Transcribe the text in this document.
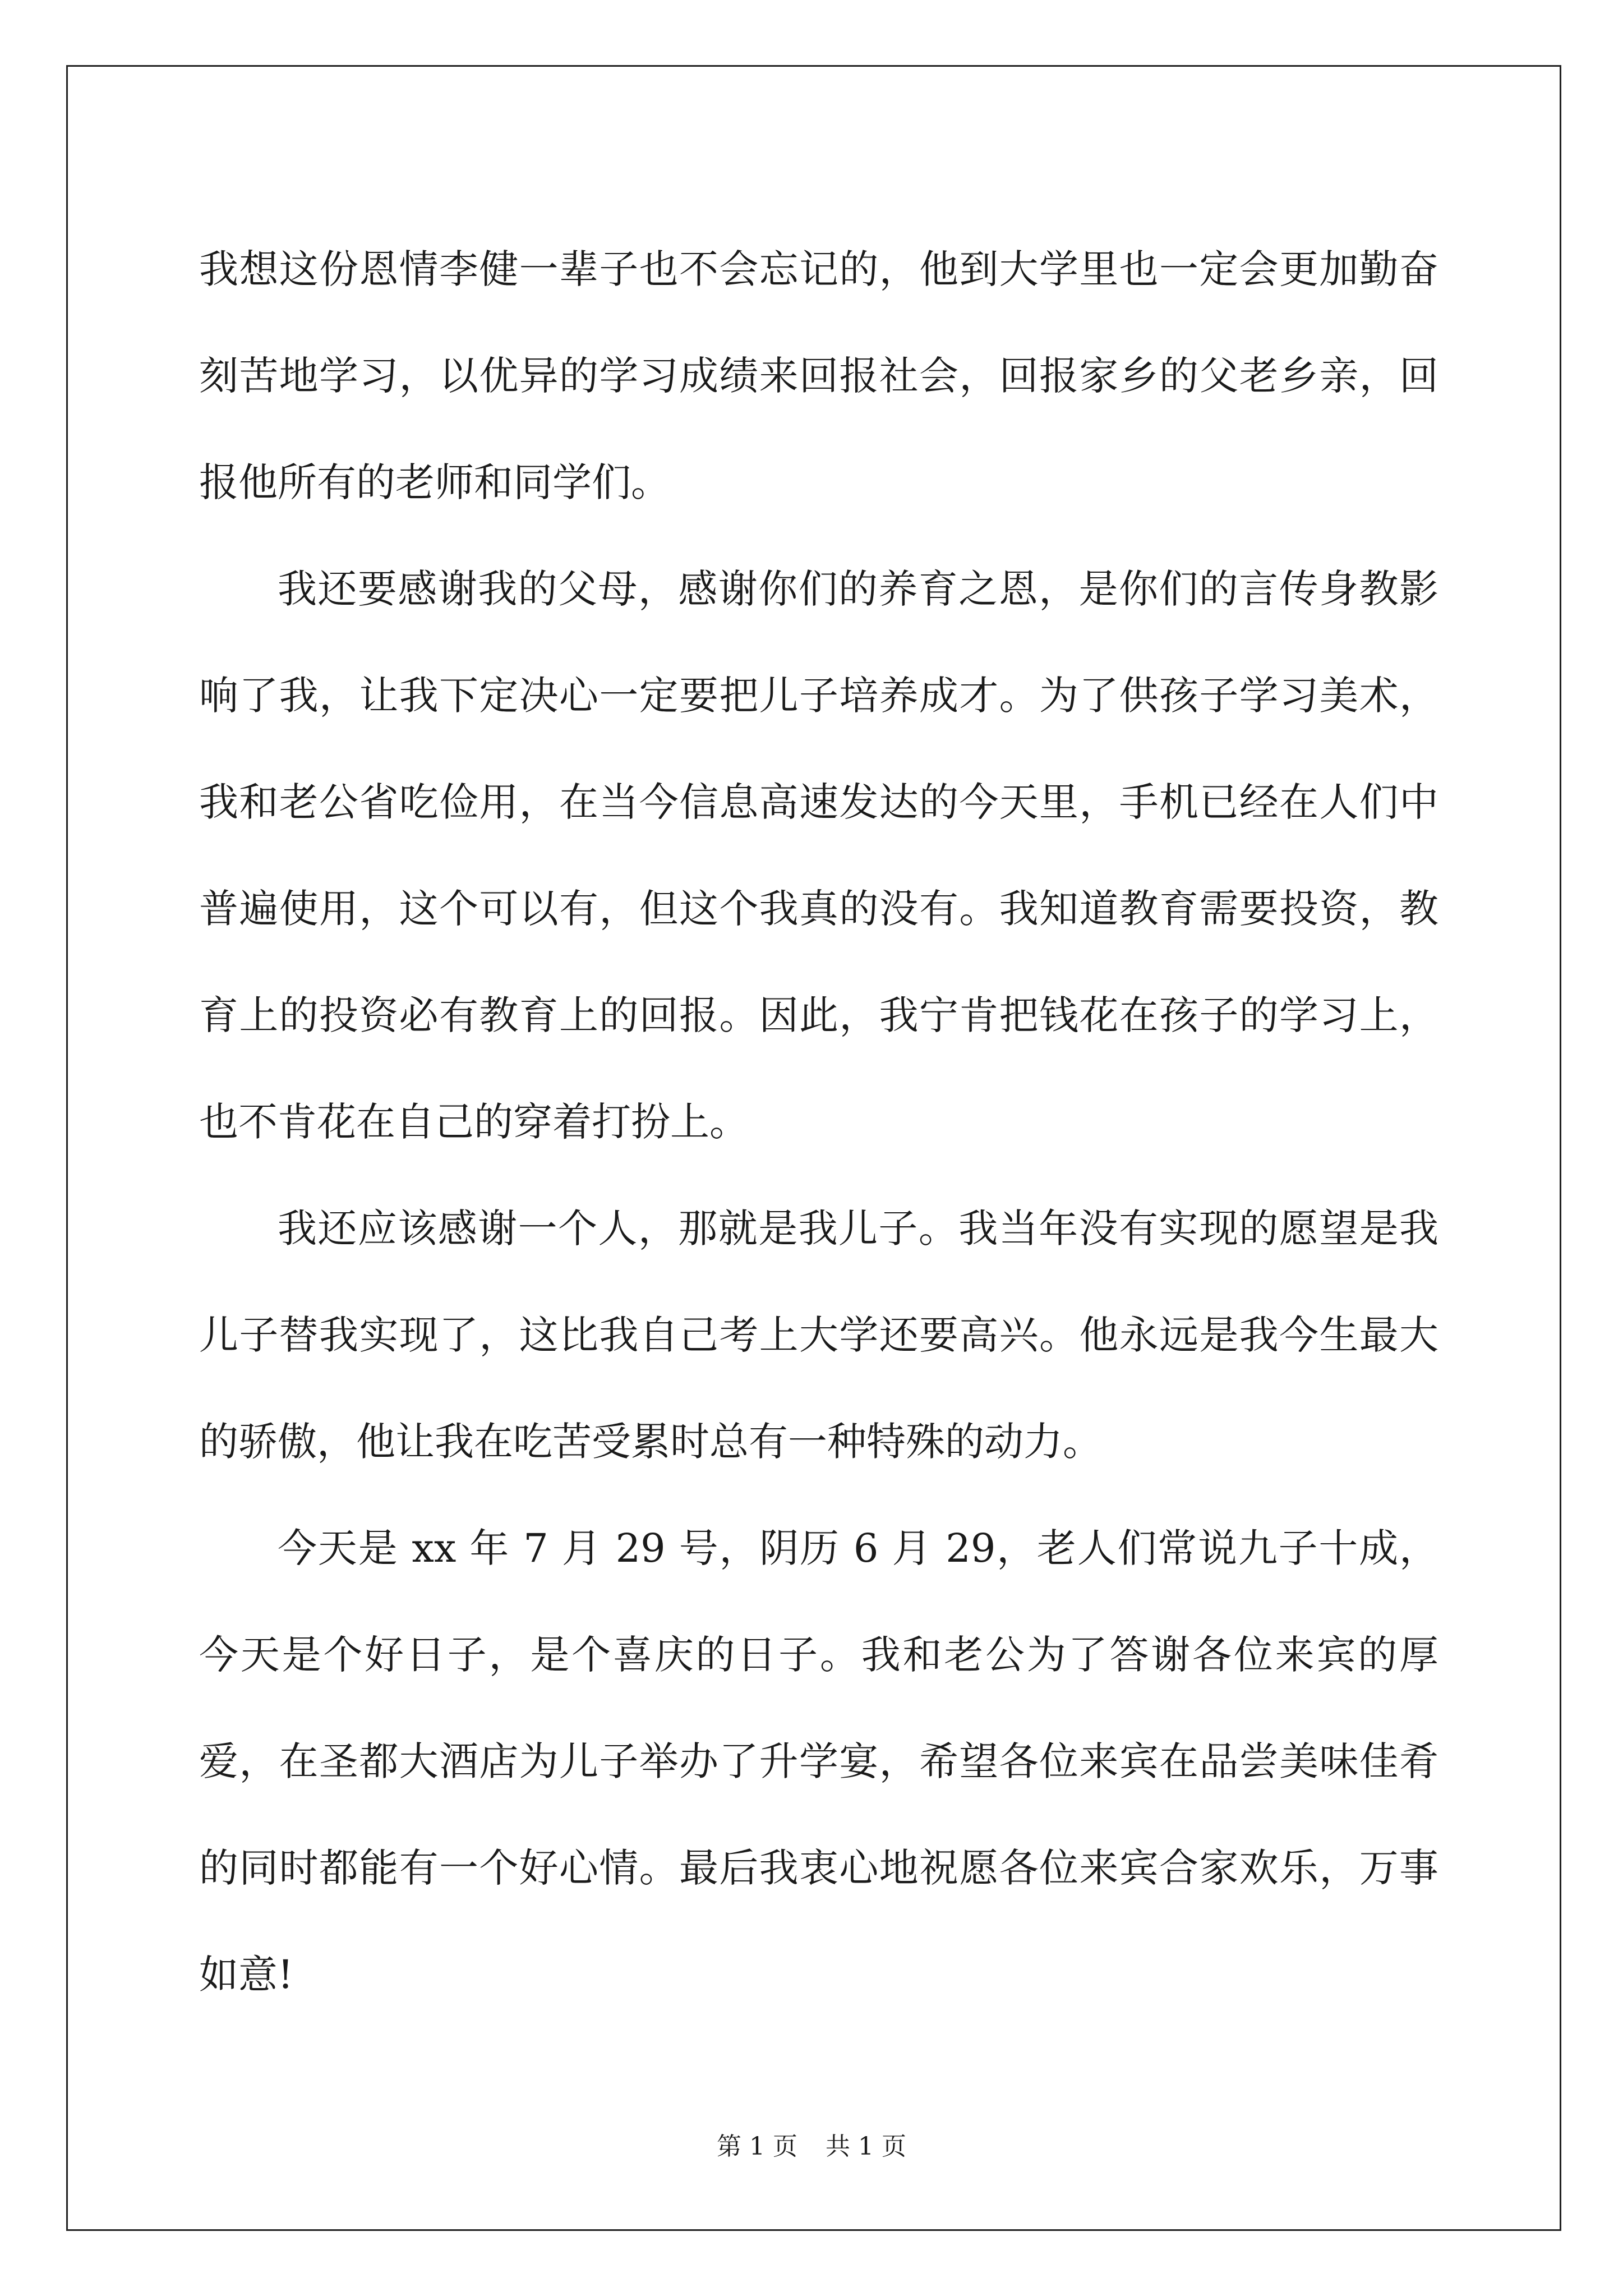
我想这份恩情李健一辈子也不会忘记的，他到大学里也一定会更加勤奋刻苦地学习，以优异的学习成绩来回报社会，回报家乡的父老乡亲，回报他所有的老师和同学们。

我还要感谢我的父母，感谢你们的养育之恩，是你们的言传身教影响了我，让我下定决心一定要把儿子培养成才。为了供孩子学习美术，我和老公省吃俭用，在当今信息高速发达的今天里，手机已经在人们中普遍使用，这个可以有，但这个我真的没有。我知道教育需要投资，教育上的投资必有教育上的回报。因此，我宁肯把钱花在孩子的学习上，也不肯花在自己的穿着打扮上。

我还应该感谢一个人，那就是我儿子。我当年没有实现的愿望是我儿子替我实现了，这比我自己考上大学还要高兴。他永远是我今生最大的骄傲，他让我在吃苦受累时总有一种特殊的动力。

今天是 xx 年 7 月 29 号，阴历 6 月 29，老人们常说九子十成，今天是个好日子，是个喜庆的日子。我和老公为了答谢各位来宾的厚爱，在圣都大酒店为儿子举办了升学宴，希望各位来宾在品尝美味佳肴的同时都能有一个好心情。最后我衷心地祝愿各位来宾合家欢乐，万事如意!

第 1 页 共 1 页
